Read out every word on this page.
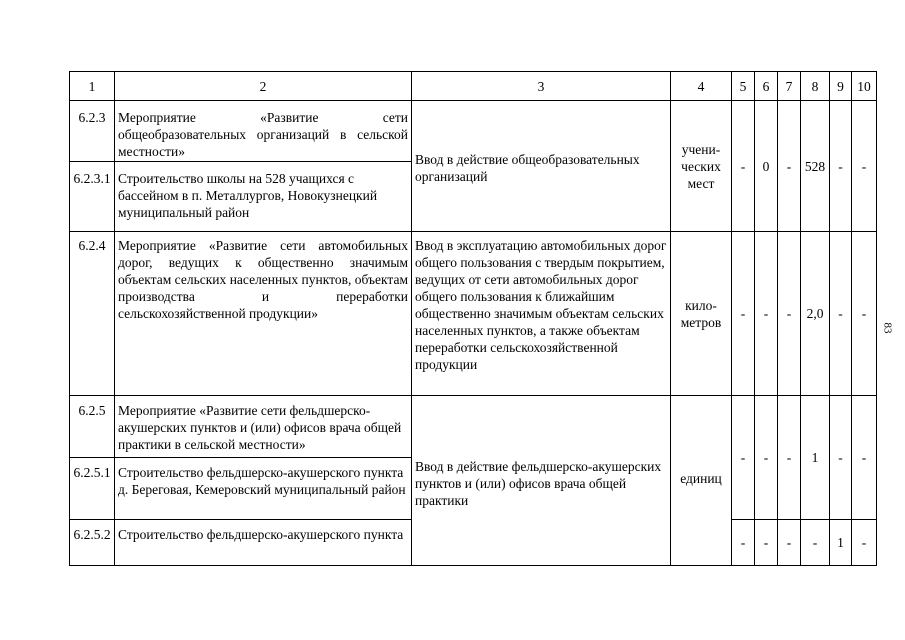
83
1	2	3	4	5	6	7	8	9	10
6.2.3	Мероприятие «Развитие сети общеобразовательных организаций в сельской местности»	Ввод в действие общеобразовательных организаций	учени-ческих мест	-	0	-	528	-	-
6.2.3.1	Строительство школы на 528 учащихся с бассейном в п. Металлургов, Новокузнецкий муниципальный район								
6.2.4	Мероприятие «Развитие сети автомобильных дорог, ведущих к общественно значимым объектам сельских населенных пунктов, объектам производства и переработки сельскохозяйственной продукции»	Ввод в эксплуатацию автомобильных дорог общего пользования с твердым покрытием, ведущих от сети автомобильных дорог общего пользования к ближайшим общественно значимым объектам сельских населенных пунктов, а также объектам переработки сельскохозяйственной продукции	кило-метров	-	-	-	2,0	-	-
6.2.5	Мероприятие «Развитие сети фельдшерско-акушерских пунктов и (или) офисов врача общей практики в сельской местности»	Ввод в действие фельдшерско-акушерских пунктов и (или) офисов врача общей практики	единиц	-	-	-	1	-	-
6.2.5.1	Строительство фельдшерско-акушерского пункта д. Береговая, Кемеровский муниципальный район								
6.2.5.2	Строительство фельдшерско-акушерского пункта			-	-	-	-	1	-
